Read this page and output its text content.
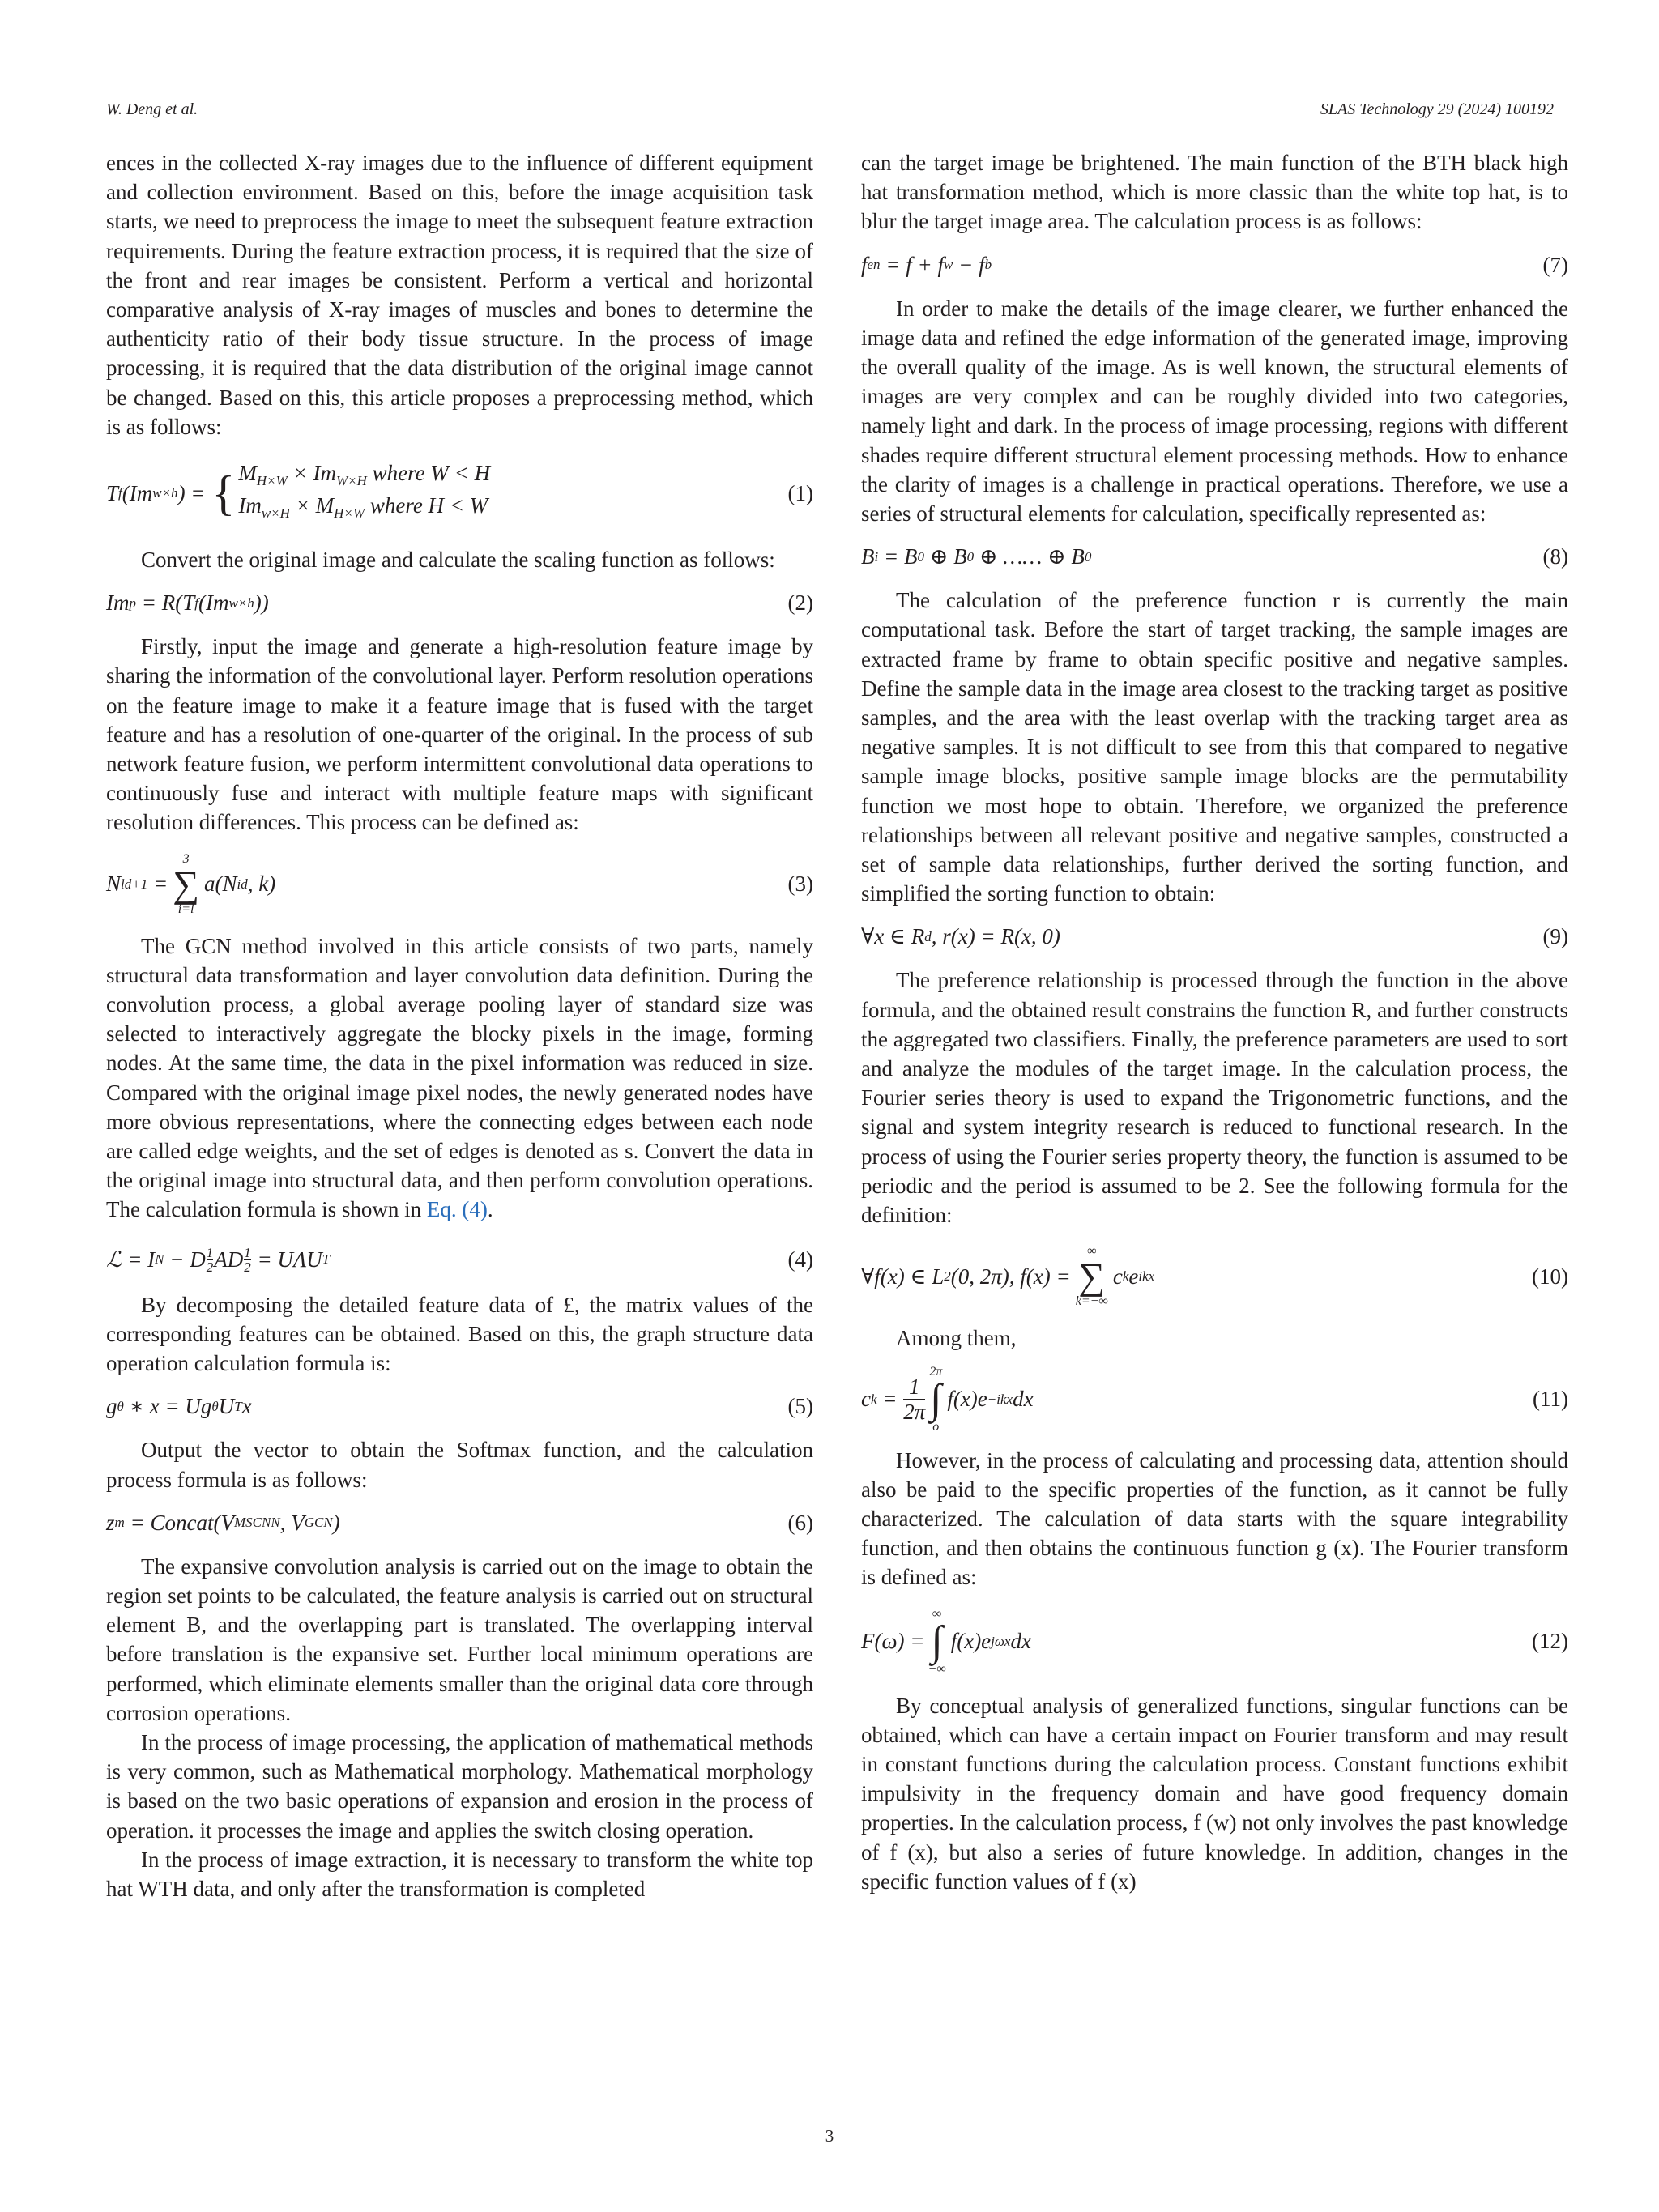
W. Deng et al.	SLAS Technology 29 (2024) 100192

ences in the collected X-ray images due to the influence of different equipment and collection environment. Based on this, before the image acquisition task starts, we need to preprocess the image to meet the subsequent feature extraction requirements. During the feature extraction process, it is required that the size of the front and rear images be consistent. Perform a vertical and horizontal comparative analysis of X-ray images of muscles and bones to determine the authenticity ratio of their body tissue structure. In the process of image processing, it is required that the data distribution of the original image cannot be changed. Based on this, this article proposes a preprocessing method, which is as follows:

T f (Im w×h ) = { $M_{H\times W} \times Im_{W\times H}$ where W < H
$Im_{w\times H} \times M_{H\times W}$ where H < W
(1)

Convert the original image and calculate the scaling function as follows:

Im p = R(T f (Im w×h ))	(2)

Firstly, input the image and generate a high-resolution feature image by sharing the information of the convolutional layer. Perform resolution operations on the feature image to make it a feature image that is fused with the target feature and has a resolution of one-quarter of the original. In the process of sub network feature fusion, we perform intermittent convolutional data operations to continuously fuse and interact with multiple feature maps with significant resolution differences. This process can be defined as:

N ld+1 =
3
∑
i=l
a(N id , k)	(3)

The GCN method involved in this article consists of two parts, namely structural data transformation and layer convolution data definition. During the convolution process, a global average pooling layer of standard size was selected to interactively aggregate the blocky pixels in the image, forming nodes. At the same time, the data in the pixel information was reduced in size. Compared with the original image pixel nodes, the newly generated nodes have more obvious representations, where the connecting edges between each node are called edge weights, and the set of edges is denoted as s. Convert the data in the original image into structural data, and then perform convolution operations. The calculation formula is shown in Eq. (4).

ℒ = I N − D $\frac{1}{2}$ AD $\frac{1}{2} = U\Lambda U$ T	(4)

By decomposing the detailed feature data of £, the matrix values of the corresponding features can be obtained. Based on this, the graph structure data operation calculation formula is:

g θ ∗ x = Ug θ U T x	(5)

Output the vector to obtain the Softmax function, and the calculation process formula is as follows:

z m = Concat(V MSCNN , V GCN )	(6)

The expansive convolution analysis is carried out on the image to obtain the region set points to be calculated, the feature analysis is carried out on structural element B, and the overlapping part is translated. The overlapping interval before translation is the expansive set. Further local minimum operations are performed, which eliminate elements smaller than the original data core through corrosion operations.

In the process of image processing, the application of mathematical methods is very common, such as Mathematical morphology. Mathematical morphology is based on the two basic operations of expansion and erosion in the process of operation. it processes the image and applies the switch closing operation.

In the process of image extraction, it is necessary to transform the white top hat WTH data, and only after the transformation is completed

can the target image be brightened. The main function of the BTH black high hat transformation method, which is more classic than the white top hat, is to blur the target image area. The calculation process is as follows:

f en = f + f w − f b	(7)

In order to make the details of the image clearer, we further enhanced the image data and refined the edge information of the generated image, improving the overall quality of the image. As is well known, the structural elements of images are very complex and can be roughly divided into two categories, namely light and dark. In the process of image processing, regions with different shades require different structural element processing methods. How to enhance the clarity of images is a challenge in practical operations. Therefore, we use a series of structural elements for calculation, specifically represented as:

B i = B 0 ⊕ B 0 ⊕ …… ⊕ B 0	(8)

The calculation of the preference function r is currently the main computational task. Before the start of target tracking, the sample images are extracted frame by frame to obtain specific positive and negative samples. Define the sample data in the image area closest to the tracking target as positive samples, and the area with the least overlap with the tracking target area as negative samples. It is not difficult to see from this that compared to negative sample image blocks, positive sample image blocks are the permutability function we most hope to obtain. Therefore, we organized the preference relationships between all relevant positive and negative samples, constructed a set of sample data relationships, further derived the sorting function, and simplified the sorting function to obtain:

∀x ∈ R d , r(x) = R(x, 0)	(9)

The preference relationship is processed through the function in the above formula, and the obtained result constrains the function R, and further constructs the aggregated two classifiers. Finally, the preference parameters are used to sort and analyze the modules of the target image. In the calculation process, the Fourier series theory is used to expand the Trigonometric functions, and the signal and system integrity research is reduced to functional research. In the process of using the Fourier series property theory, the function is assumed to be periodic and the period is assumed to be 2. See the following formula for the definition:

∀f(x) ∈ L 2 (0, 2π), f(x) =
∞
∑
k=−∞
c k e ikx	(10)

Among them,

c $k = \frac{1}{2\pi}$
2π
∫
o
f(x)e −ikx dx	(11)

However, in the process of calculating and processing data, attention should also be paid to the specific properties of the function, as it cannot be fully characterized. The calculation of data starts with the square integrability function, and then obtains the continuous function g (x). The Fourier transform is defined as:

F(ω) =
∞
∫
−∞
f(x)e jωx dx	(12)

By conceptual analysis of generalized functions, singular functions can be obtained, which can have a certain impact on Fourier transform and may result in constant functions during the calculation process. Constant functions exhibit impulsivity in the frequency domain and have good frequency domain properties. In the calculation process, f (w) not only involves the past knowledge of f (x), but also a series of future knowledge. In addition, changes in the specific function values of f (x)

3
